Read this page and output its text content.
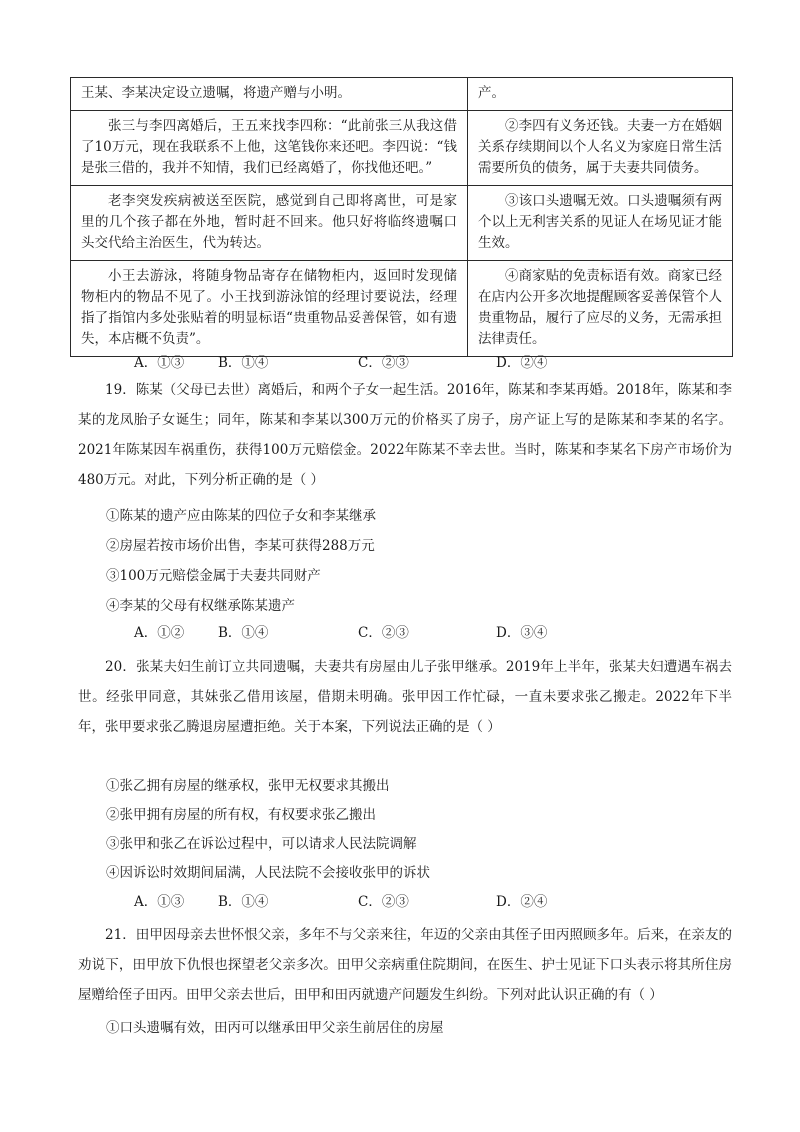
王某、李某决定设立遗嘱，将遗产赠与小明。	产。
张三与李四离婚后，王五来找李四称：“此前张三从我这借了10万元，现在我联系不上他，这笔钱你来还吧。李四说：“钱是张三借的，我并不知情，我们已经离婚了，你找他还吧。”	②李四有义务还钱。夫妻一方在婚姻关系存续期间以个人名义为家庭日常生活需要所负的债务，属于夫妻共同债务。
老李突发疾病被送至医院，感觉到自己即将离世，可是家里的几个孩子都在外地，暂时赶不回来。他只好将临终遗嘱口头交代给主治医生，代为转达。	③该口头遗嘱无效。口头遗嘱须有两个以上无利害关系的见证人在场见证才能生效。
小王去游泳，将随身物品寄存在储物柜内，返回时发现储物柜内的物品不见了。小王找到游泳馆的经理讨要说法，经理指了指馆内多处张贴着的明显标语“贵重物品妥善保管，如有遗失，本店概不负责”。	④商家贴的免责标语有效。商家已经在店内公开多次地提醒顾客妥善保管个人贵重物品，履行了应尽的义务，无需承担法律责任。
A．①③	B．①④	C．②③	D．②④
19．陈某（父母已去世）离婚后，和两个子女一起生活。2016年，陈某和李某再婚。2018年，陈某和李某的龙凤胎子女诞生；同年，陈某和李某以300万元的价格买了房子，房产证上写的是陈某和李某的名字。2021年陈某因车祸重伤，获得100万元赔偿金。2022年陈某不幸去世。当时，陈某和李某名下房产市场价为480万元。对此，下列分析正确的是（ ）
①陈某的遗产应由陈某的四位子女和李某继承
②房屋若按市场价出售，李某可获得288万元
③100万元赔偿金属于夫妻共同财产
④李某的父母有权继承陈某遗产
A．①②	B．①④	C．②③	D．③④
20．张某夫妇生前订立共同遗嘱，夫妻共有房屋由儿子张甲继承。2019年上半年，张某夫妇遭遇车祸去世。经张甲同意，其妹张乙借用该屋，借期未明确。张甲因工作忙碌，一直未要求张乙搬走。2022年下半年，张甲要求张乙腾退房屋遭拒绝。关于本案，下列说法正确的是（ ）
①张乙拥有房屋的继承权，张甲无权要求其搬出
②张甲拥有房屋的所有权，有权要求张乙搬出
③张甲和张乙在诉讼过程中，可以请求人民法院调解
④因诉讼时效期间届满，人民法院不会接收张甲的诉状
A．①③	B．①④	C．②③	D．②④
21．田甲因母亲去世怀恨父亲，多年不与父亲来往，年迈的父亲由其侄子田丙照顾多年。后来，在亲友的劝说下，田甲放下仇恨也探望老父亲多次。田甲父亲病重住院期间，在医生、护士见证下口头表示将其所住房屋赠给侄子田丙。田甲父亲去世后，田甲和田丙就遗产问题发生纠纷。下列对此认识正确的有（ ）
①口头遗嘱有效，田丙可以继承田甲父亲生前居住的房屋
